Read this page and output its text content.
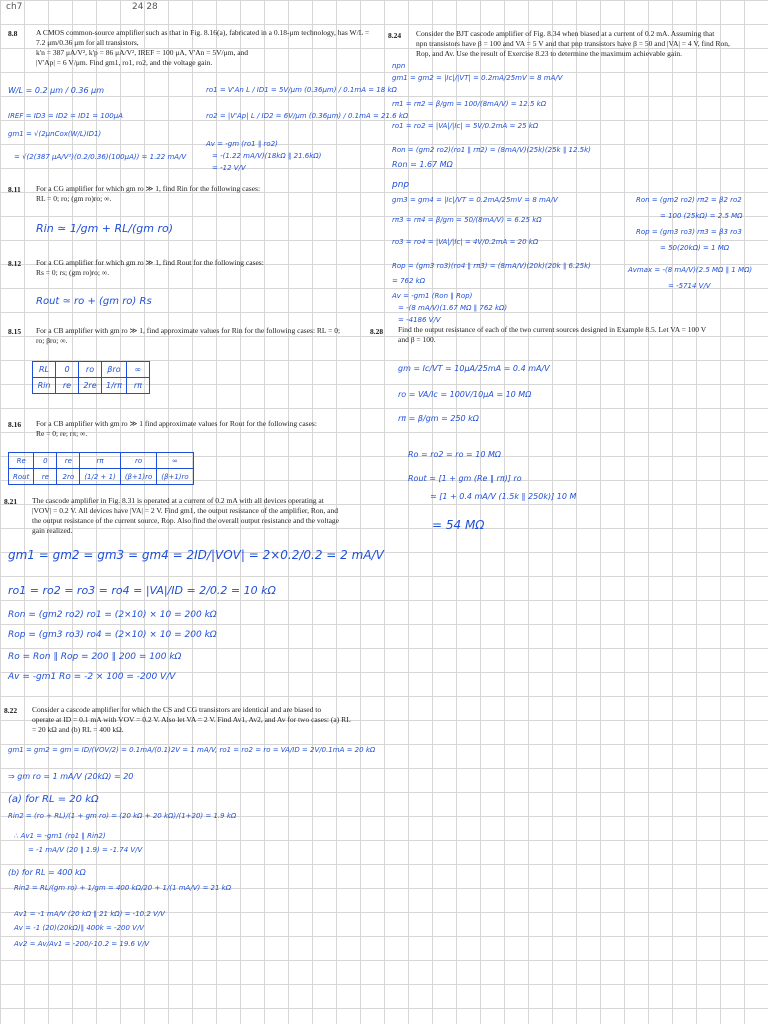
ch7	24 28
8.8 A CMOS common-source amplifier such as that in Fig. 8.16(a), fabricated in a 0.18-μm technology, has W/L = 7.2 μm/0.36 μm for all transistors,
k'n = 387 μA/V², k'p = 86 μA/V², IREF = 100 μA, V'An = 5V/μm, and
|V'Ap| = 6 V/μm. Find gm1, ro1, ro2, and the voltage gain.
W/L = 0.2 μm / 0.36 μm
IREF = ID3 = ID2 = ID1 = 100μA
gm1 = √(2μnCox(W/L)ID1)
= √(2(387 μA/V²)(0.2/0.36)(100μA)) = 1.22 mA/V
ro1 = V'An L / ID1 = 5V/μm (0.36μm) / 0.1mA = 18 kΩ
ro2 = |V'Ap| L / ID2 = 6V/μm (0.36μm) / 0.1mA = 21.6 kΩ
Av = -gm (ro1 ∥ ro2)
= -(1.22 mA/V)(18kΩ ∥ 21.6kΩ)
= -12 V/V
8.11 For a CG amplifier for which gm ro ≫ 1, find Rin for the following cases:
RL = 0; ro; (gm ro)ro; ∞.
Rin ≃ 1/gm + RL/(gm ro)
8.12 For a CG amplifier for which gm ro ≫ 1, find Rout for the following cases:
Rs = 0; rs; (gm ro)ro; ∞.
Rout ≃ ro + (gm ro) Rs
8.15 For a CB amplifier with gm ro ≫ 1, find approximate values for Rin for the following cases: RL = 0;
ro; βro; ∞.
RL	0	ro	βro	∞
Rin	re	2re	1/rπ	rπ
8.16 For a CB amplifier with gm ro ≫ 1 find approximate values for Rout for the following cases:
Re = 0; re; rπ; ∞.
Re	0	re	rπ	ro	∞
Rout	re	2ro	(1/2 + 1)	(β+1)ro	(β+1)ro
8.21 The cascode amplifier in Fig. 8.31 is operated at a current of 0.2 mA with all devices operating at
|VOV| = 0.2 V. All devices have |VA| = 2 V. Find gm1, the output resistance of the amplifier, Ron, and
the output resistance of the current source, Rop. Also find the overall output resistance and the voltage
gain realized.
gm1 = gm2 = gm3 = gm4 = 2ID/|VOV| = 2×0.2/0.2 = 2 mA/V
ro1 = ro2 = ro3 = ro4 = |VA|/ID = 2/0.2 = 10 kΩ
Ron = (gm2 ro2) ro1 = (2×10) × 10 = 200 kΩ
Rop = (gm3 ro3) ro4 = (2×10) × 10 = 200 kΩ
Ro = Ron ∥ Rop = 200 ∥ 200 = 100 kΩ
Av = -gm1 Ro = -2 × 100 = -200 V/V
8.22 Consider a cascode amplifier for which the CS and CG transistors are identical and are biased to
operate at ID = 0.1 mA with VOV = 0.2 V. Also let VA = 2 V. Find Av1, Av2, and Av for two cases: (a) RL
= 20 kΩ and (b) RL = 400 kΩ.
gm1 = gm2 = gm = ID/(VOV/2) = 0.1mA/(0.1)2V = 1 mA/V, ro1 = ro2 = ro = VA/ID = 2V/0.1mA = 20 kΩ
⇒ gm ro = 1 mA/V (20kΩ) = 20
(a) for RL = 20 kΩ
Rin2 = (ro + RL)/(1 + gm ro) = (20 kΩ + 20 kΩ)/(1+20) = 1.9 kΩ
∴ Av1 = -gm1 (ro1 ∥ Rin2)
= -1 mA/V (20 ∥ 1.9) = -1.74 V/V
(b) for RL = 400 kΩ
Rin2 = RL/(gm ro) + 1/gm = 400 kΩ/20 + 1/(1 mA/V) = 21 kΩ
Av1 = -1 mA/V (20 kΩ ∥ 21 kΩ) = -10.2 V/V
Av = -1 (20)(20kΩ)∥ 400k = -200 V/V
Av2 = Av/Av1 = -200/-10.2 = 19.6 V/V
8.24 Consider the BJT cascode amplifier of Fig. 8.34 when biased at a current of 0.2 mA. Assuming that
npn transistors have β = 100 and VA = 5 V and that pnp transistors have β = 50 and |VA| = 4 V, find Ron,
Rop, and Av. Use the result of Exercise 8.23 to determine the maximum achievable gain.
npn
gm1 = gm2 = |Ic|/|VT| = 0.2mA/25mV = 8 mA/V
rπ1 = rπ2 = β/gm = 100/(8mA/V) = 12.5 kΩ
ro1 = ro2 = |VA|/|Ic| = 5V/0.2mA = 25 kΩ
Ron = (gm2 ro2)(ro1 ∥ rπ2) = (8mA/V)(25k)(25k ∥ 12.5k)
Ron = 1.67 MΩ
pnp
gm3 = gm4 = |Ic|/VT = 0.2mA/25mV = 8 mA/V
rπ3 = rπ4 = β/gm = 50/(8mA/V) = 6.25 kΩ
ro3 = ro4 = |VA|/|Ic| = 4V/0.2mA = 20 kΩ
Rop = (gm3 ro3)(ro4 ∥ rπ3) = (8mA/V)(20k)(20k ∥ 6.25k)
= 762 kΩ
Av = -gm1 (Ron ∥ Rop)
= -(8 mA/V)(1.67 MΩ ∥ 762 kΩ)
= -4186 V/V
Ron = (gm2 ro2) rπ2 = β2 ro2
= 100 (25kΩ) = 2.5 MΩ
Rop = (gm3 ro3) rπ3 = β3 ro3
= 50(20kΩ) = 1 MΩ
Avmax = -(8 mA/V)(2.5 MΩ ∥ 1 MΩ)
= -5714 V/V
8.28 Find the output resistance of each of the two current sources designed in Example 8.5. Let VA = 100 V
and β = 100.
gm = Ic/VT = 10μA/25mA = 0.4 mA/V
ro = VA/Ic = 100V/10μA = 10 MΩ
rπ = β/gm = 250 kΩ
Ro = ro2 = ro = 10 MΩ
Rout ≃ [1 + gm (Re ∥ rπ)] ro
≃ [1 + 0.4 mA/V (1.5k ∥ 250k)] 10 M
= 54 MΩ
